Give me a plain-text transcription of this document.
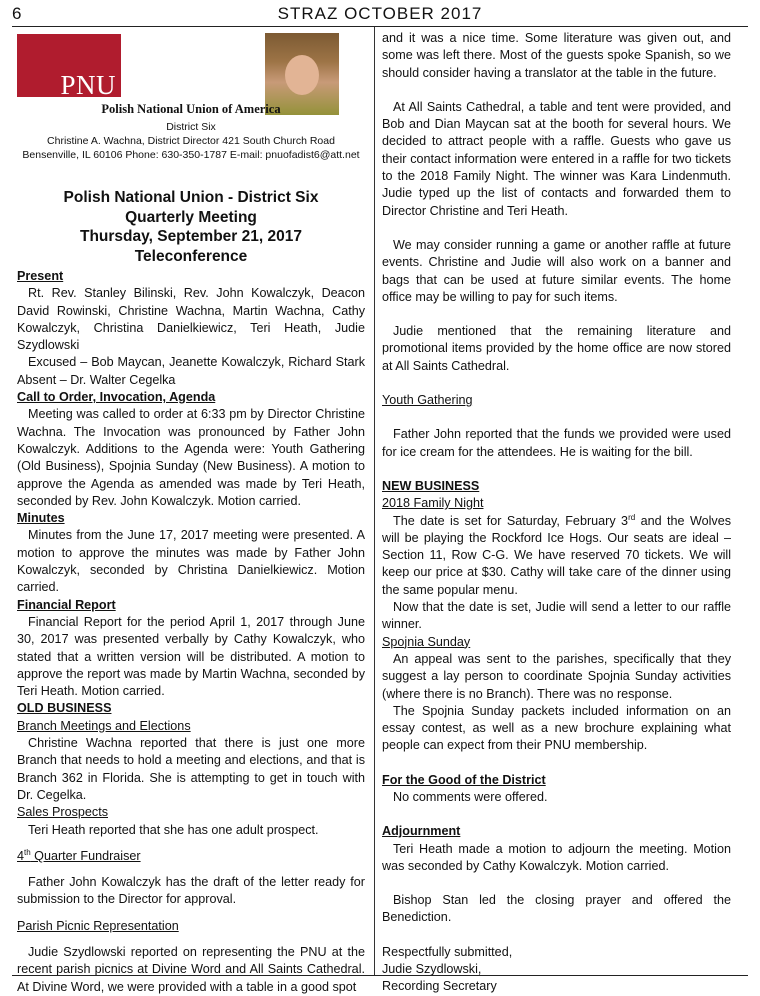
6	STRAZ OCTOBER 2017
PNU
Polish National Union of America
District Six
Christine A. Wachna, District Director 421 South Church Road
Bensenville, IL 60106 Phone: 630-350-1787 E-mail: pnuofadist6@att.net
Polish National Union - District Six
Quarterly Meeting
Thursday, September 21, 2017
Teleconference
Present

Rt. Rev. Stanley Bilinski, Rev. John Kowalczyk, Deacon David Rowinski, Christine Wachna, Martin Wachna, Cathy Kowalczyk, Christina Danielkiewicz, Teri Heath, Judie Szydlowski

Excused – Bob Maycan, Jeanette Kowalczyk, Richard Stark      Absent – Dr. Walter Cegelka

Call to Order, Invocation, Agenda

Meeting was called to order at 6:33 pm by Director Christine Wachna. The Invocation was pronounced by Father John Kowalczyk. Additions to the Agenda were: Youth Gathering (Old Business), Spojnia Sunday (New Business). A motion to approve the Agenda as amended was made by Teri Heath, seconded by Rev. John Kowalczyk. Motion carried.

Minutes

Minutes from the June 17, 2017 meeting were presented. A motion to approve the minutes was made by Father John Kowalczyk, seconded by Christina Danielkiewicz. Motion carried.

Financial Report

Financial Report for the period April 1, 2017 through June 30, 2017 was presented verbally by Cathy Kowalczyk, who stated that a written version will be distributed. A motion to approve the report was made by Martin Wachna, seconded by Teri Heath. Motion carried.

OLD BUSINESS
Branch Meetings and Elections

Christine Wachna reported that there is just one more Branch that needs to hold a meeting and elections, and that is Branch 362 in Florida. She is attempting to get in touch with Dr. Cegelka.

Sales Prospects

Teri Heath reported that she has one adult prospect.

4th Quarter Fundraiser

Father John Kowalczyk has the draft of the letter ready for submission to the Director for approval.

Parish Picnic Representation

Judie Szydlowski reported on representing the PNU at the recent parish picnics at Divine Word and All Saints Cathedral. At Divine Word, we were provided with a table in a good spot

and it was a nice time. Some literature was given out, and some was left there. Most of the guests spoke Spanish, so we should consider having a translator at the table in the future.

At All Saints Cathedral, a table and tent were provided, and Bob and Dian Maycan sat at the booth for several hours. We decided to attract people with a raffle. Guests who gave us their contact information were entered in a raffle for two tickets to the 2018 Family Night. The winner was Kara Lindenmuth. Judie typed up the list of contacts and forwarded them to Director Christine and Teri Heath.

We may consider running a game or another raffle at future events. Christine and Judie will also work on a banner and bags that can be used at future similar events. The home office may be willing to pay for such items.

Judie mentioned that the remaining literature and promotional items provided by the home office are now stored at All Saints Cathedral.

Youth Gathering

Father John reported that the funds we provided were used for ice cream for the attendees. He is waiting for the bill.

NEW BUSINESS
2018 Family Night

The date is set for Saturday, February 3rd and the Wolves will be playing the Rockford Ice Hogs. Our seats are ideal – Section 11, Row C-G. We have reserved 70 tickets. We will keep our price at $30. Cathy will take care of the dinner using the same popular menu.

Now that the date is set, Judie will send a letter to our raffle winner.

Spojnia Sunday

An appeal was sent to the parishes, specifically that they suggest a lay person to coordinate Spojnia Sunday activities (where there is no Branch). There was no response.

The Spojnia Sunday packets included information on an essay contest, as well as a new brochure explaining what people can expect from their PNU membership.

For the Good of the District

No comments were offered.

Adjournment

Teri Heath made a motion to adjourn the meeting. Motion was seconded by Cathy Kowalczyk. Motion carried.

Bishop Stan led the closing prayer and offered the Benediction.

Respectfully submitted,
Judie Szydlowski,
Recording Secretary
